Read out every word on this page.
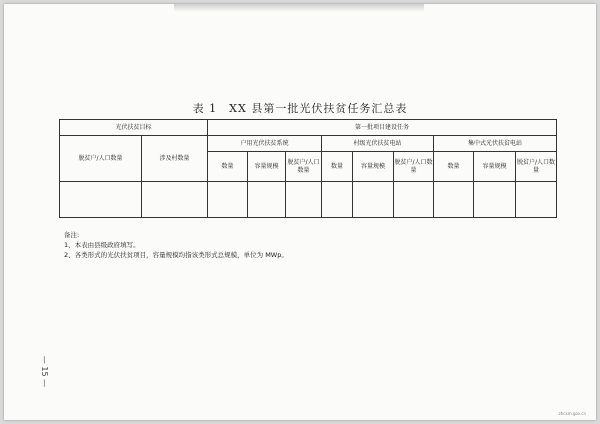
表 1　XX 县第一批光伏扶贫任务汇总表
光伏扶贫目标		第一批项目建设任务								
脱贫户/人口数量	涉及村数量	户用光伏扶贫系统			村级光伏扶贫电站			集中式光伏扶贫电站		
		数量	容量规模	脱贫户/人口数量	数量	容量规模	脱贫户/人口数量	数量	容量规模	脱贫户/人口数量

备注:
1、本表由县级政府填写。
2、各类形式的光伏扶贫项目，容量规模均指该类形式总规模，单位为 MWp。
— 15 —
zhcxm.gov.cn
